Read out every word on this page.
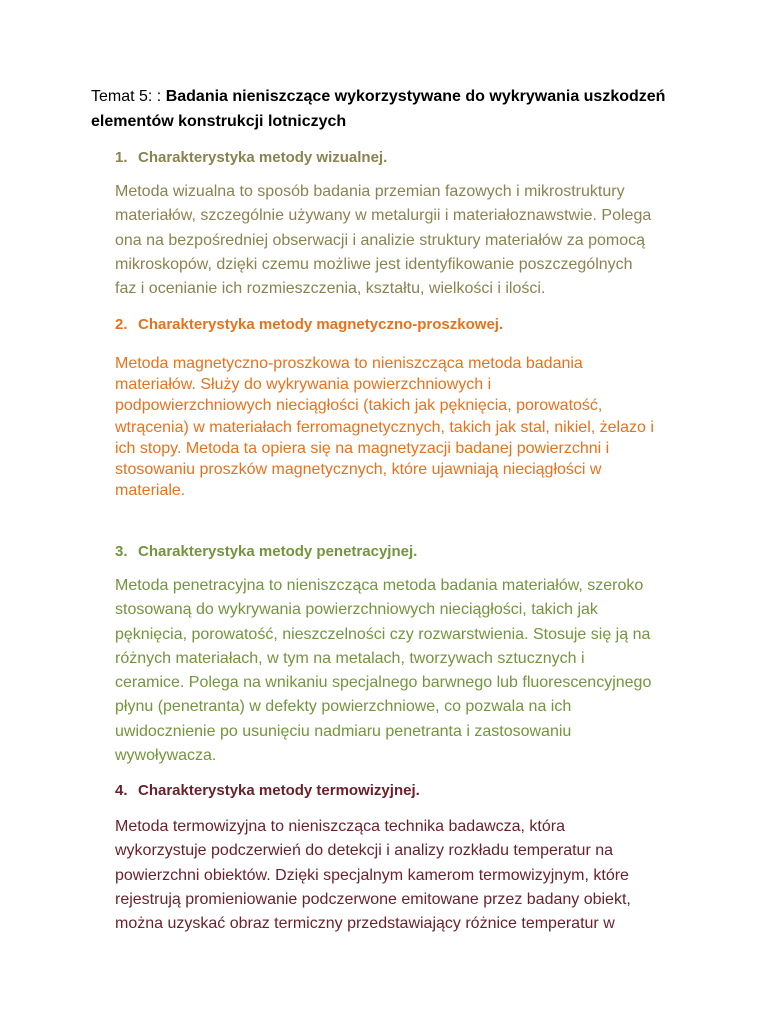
Temat 5: : Badania nieniszczące wykorzystywane do wykrywania uszkodzeń elementów konstrukcji lotniczych
1. Charakterystyka metody wizualnej.
Metoda wizualna to sposób badania przemian fazowych i mikrostruktury
materiałów, szczególnie używany w metalurgii i materiałoznawstwie. Polega
ona na bezpośredniej obserwacji i analizie struktury materiałów za pomocą
mikroskopów, dzięki czemu możliwe jest identyfikowanie poszczególnych
faz i ocenianie ich rozmieszczenia, kształtu, wielkości i ilości.
2. Charakterystyka metody magnetyczno-proszkowej.
Metoda magnetyczno-proszkowa to nieniszcząca metoda badania
materiałów. Służy do wykrywania powierzchniowych i
podpowierzchniowych nieciągłości (takich jak pęknięcia, porowatość,
wtrącenia) w materiałach ferromagnetycznych, takich jak stal, nikiel, żelazo i
ich stopy. Metoda ta opiera się na magnetyzacji badanej powierzchni i
stosowaniu proszków magnetycznych, które ujawniają nieciągłości w
materiale.
3. Charakterystyka metody penetracyjnej.
Metoda penetracyjna to nieniszcząca metoda badania materiałów, szeroko
stosowaną do wykrywania powierzchniowych nieciągłości, takich jak
pęknięcia, porowatość, nieszczelności czy rozwarstwienia. Stosuje się ją na
różnych materiałach, w tym na metalach, tworzywach sztucznych i
ceramice. Polega na wnikaniu specjalnego barwnego lub fluorescencyjnego
płynu (penetranta) w defekty powierzchniowe, co pozwala na ich
uwidocznienie po usunięciu nadmiaru penetranta i zastosowaniu
wywoływacza.
4. Charakterystyka metody termowizyjnej.
Metoda termowizyjna to nieniszcząca technika badawcza, która
wykorzystuje podczerwień do detekcji i analizy rozkładu temperatur na
powierzchni obiektów. Dzięki specjalnym kamerom termowizyjnym, które
rejestrują promieniowanie podczerwone emitowane przez badany obiekt,
można uzyskać obraz termiczny przedstawiający różnice temperatur w
